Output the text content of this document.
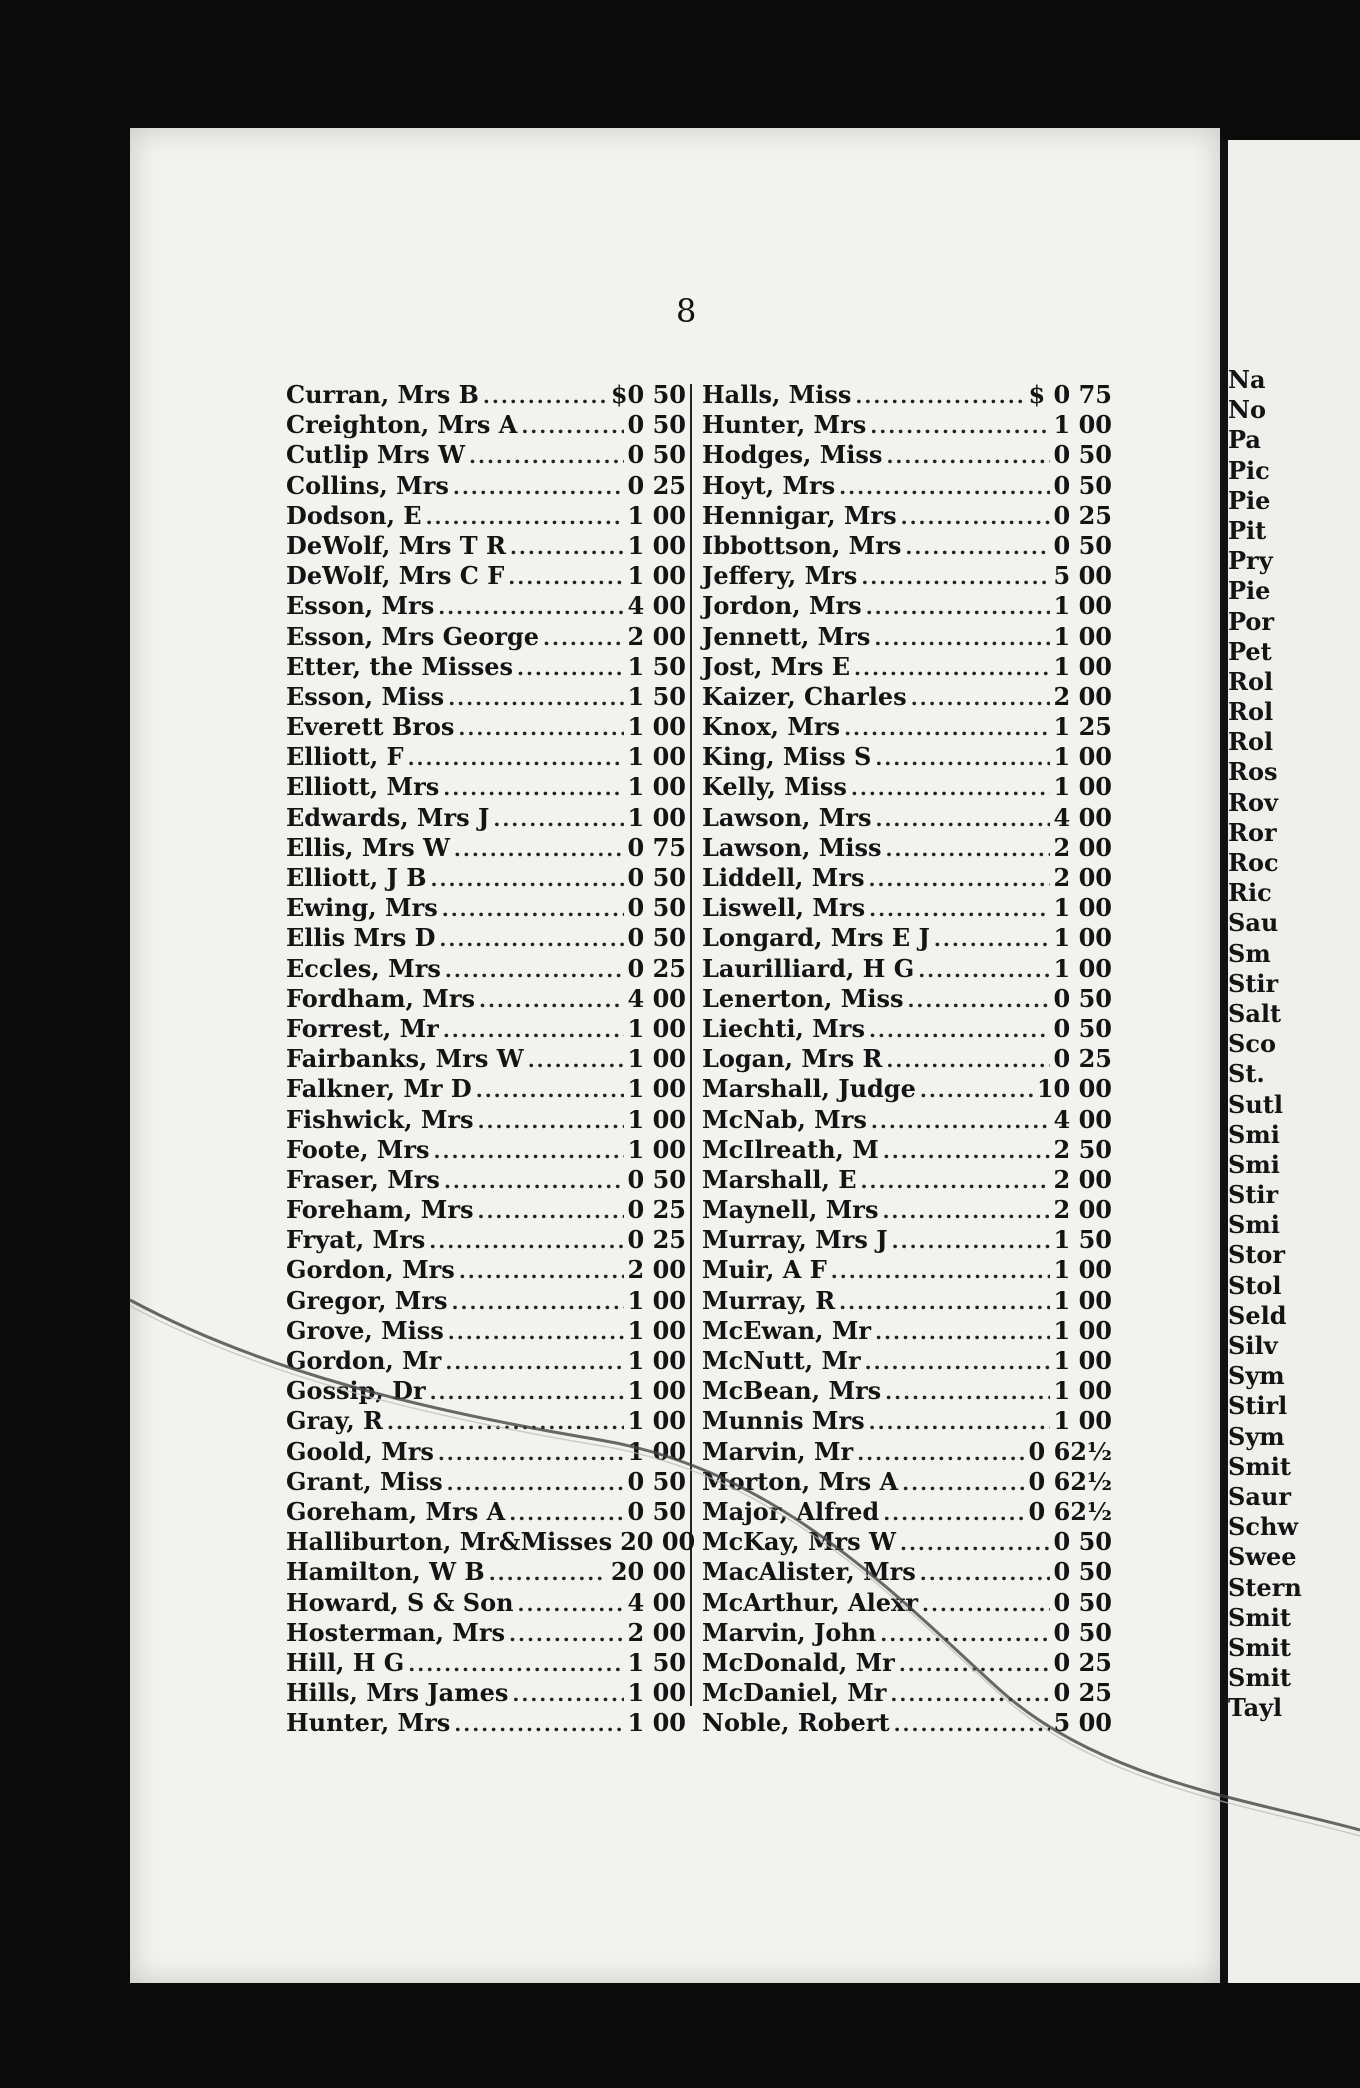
Na
No
Pa
Pic
Pie
Pit
Pry
Pie
Por
Pet
Rol
Rol
Rol
Ros
Rov
Ror
Roc
Ric
Sau
Sm
Stir
Salt
Sco
St.
Sutl
Smi
Smi
Stir
Smi
Stor
Stol
Seld
Silv
Sym
Stirl
Sym
Smit
Saur
Schw
Swee
Stern
Smit
Smit
Smit
Tayl
8
Curran, Mrs B .....	$0 50
Creighton, Mrs A .....	0 50
Cutlip Mrs W .....	0 50
Collins, Mrs .....	0 25
Dodson, E .....	1 00
DeWolf, Mrs T R .....	1 00
DeWolf, Mrs C F .....	1 00
Esson, Mrs .....	4 00
Esson, Mrs George .....	2 00
Etter, the Misses .....	1 50
Esson, Miss .....	1 50
Everett Bros .....	1 00
Elliott, F .....	1 00
Elliott, Mrs .....	1 00
Edwards, Mrs J .....	1 00
Ellis, Mrs W .....	0 75
Elliott, J B .....	0 50
Ewing, Mrs .....	0 50
Ellis Mrs D .....	0 50
Eccles, Mrs .....	0 25
Fordham, Mrs .....	4 00
Forrest, Mr .....	1 00
Fairbanks, Mrs W .....	1 00
Falkner, Mr D .....	1 00
Fishwick, Mrs .....	1 00
Foote, Mrs .....	1 00
Fraser, Mrs .....	0 50
Foreham, Mrs .....	0 25
Fryat, Mrs .....	0 25
Gordon, Mrs .....	2 00
Gregor, Mrs .....	1 00
Grove, Miss .....	1 00
Gordon, Mr .....	1 00
Gossip, Dr .....	1 00
Gray, R .....	1 00
Goold, Mrs .....	1 00
Grant, Miss .....	0 50
Goreham, Mrs A .....	0 50
Halliburton, Mr&Misses 20 00
Hamilton, W B .....	20 00
Howard, S & Son .....	4 00
Hosterman, Mrs .....	2 00
Hill, H G .....	1 50
Hills, Mrs James .....	1 00
Hunter, Mrs .....	1 00
Halls, Miss .....	$ 0 75
Hunter, Mrs .....	1 00
Hodges, Miss .....	0 50
Hoyt, Mrs .....	0 50
Hennigar, Mrs .....	0 25
Ibbottson, Mrs .....	0 50
Jeffery, Mrs .....	5 00
Jordon, Mrs .....	1 00
Jennett, Mrs .....	1 00
Jost, Mrs E .....	1 00
Kaizer, Charles .....	2 00
Knox, Mrs .....	1 25
King, Miss S .....	1 00
Kelly, Miss .....	1 00
Lawson, Mrs .....	4 00
Lawson, Miss .....	2 00
Liddell, Mrs .....	2 00
Liswell, Mrs .....	1 00
Longard, Mrs E J .....	1 00
Laurilliard, H G .....	1 00
Lenerton, Miss .....	0 50
Liechti, Mrs .....	0 50
Logan, Mrs R .....	0 25
Marshall, Judge .....	10 00
McNab, Mrs .....	4 00
McIlreath, M .....	2 50
Marshall, E .....	2 00
Maynell, Mrs .....	2 00
Murray, Mrs J .....	1 50
Muir, A F .....	1 00
Murray, R .....	1 00
McEwan, Mr .....	1 00
McNutt, Mr .....	1 00
McBean, Mrs .....	1 00
Munnis Mrs .....	1 00
Marvin, Mr .....	0 62½
Morton, Mrs A .....	0 62½
Major, Alfred .....	0 62½
McKay, Mrs W .....	0 50
MacAlister, Mrs .....	0 50
McArthur, Alexr .....	0 50
Marvin, John .....	0 50
McDonald, Mr .....	0 25
McDaniel, Mr .....	0 25
Noble, Robert .....	5 00
